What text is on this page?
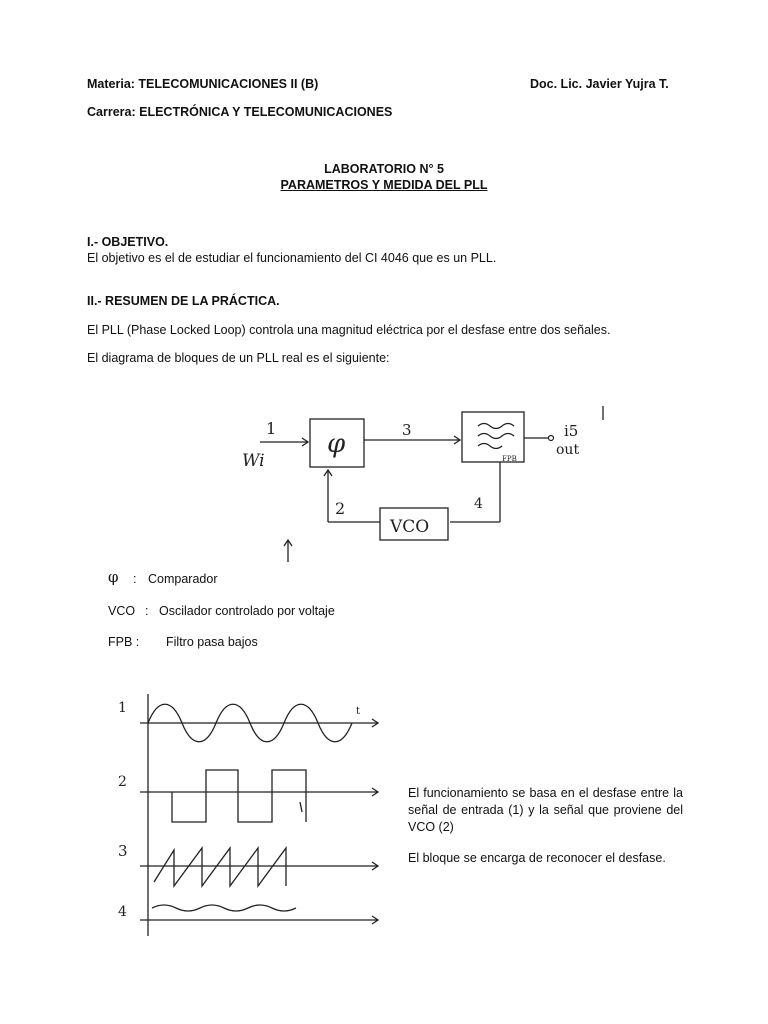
Materia: TELECOMUNICACIONES II (B)	Doc. Lic. Javier Yujra T.
Carrera: ELECTRÓNICA Y TELECOMUNICACIONES
LABORATORIO N° 5
PARAMETROS Y MEDIDA DEL PLL
I.- OBJETIVO.
El objetivo es el de estudiar el funcionamiento del CI 4046 que es un PLL.
II.- RESUMEN DE LA PRÁCTICA.
El PLL (Phase Locked Loop) controla una magnitud eléctrica por el desfase entre dos señales.
El diagrama de bloques de un PLL real es el siguiente:
1
Wi
φ	3
2	4
VCO
FPB
i5
out
φ : Comparador
VCO : Oscilador controlado por voltaje
FPB : Filtro pasa bajos
1
2
3
4
t
El funcionamiento se basa en el desfase entre la señal de entrada (1) y la señal que proviene del VCO (2)
El bloque se encarga de reconocer el desfase.
